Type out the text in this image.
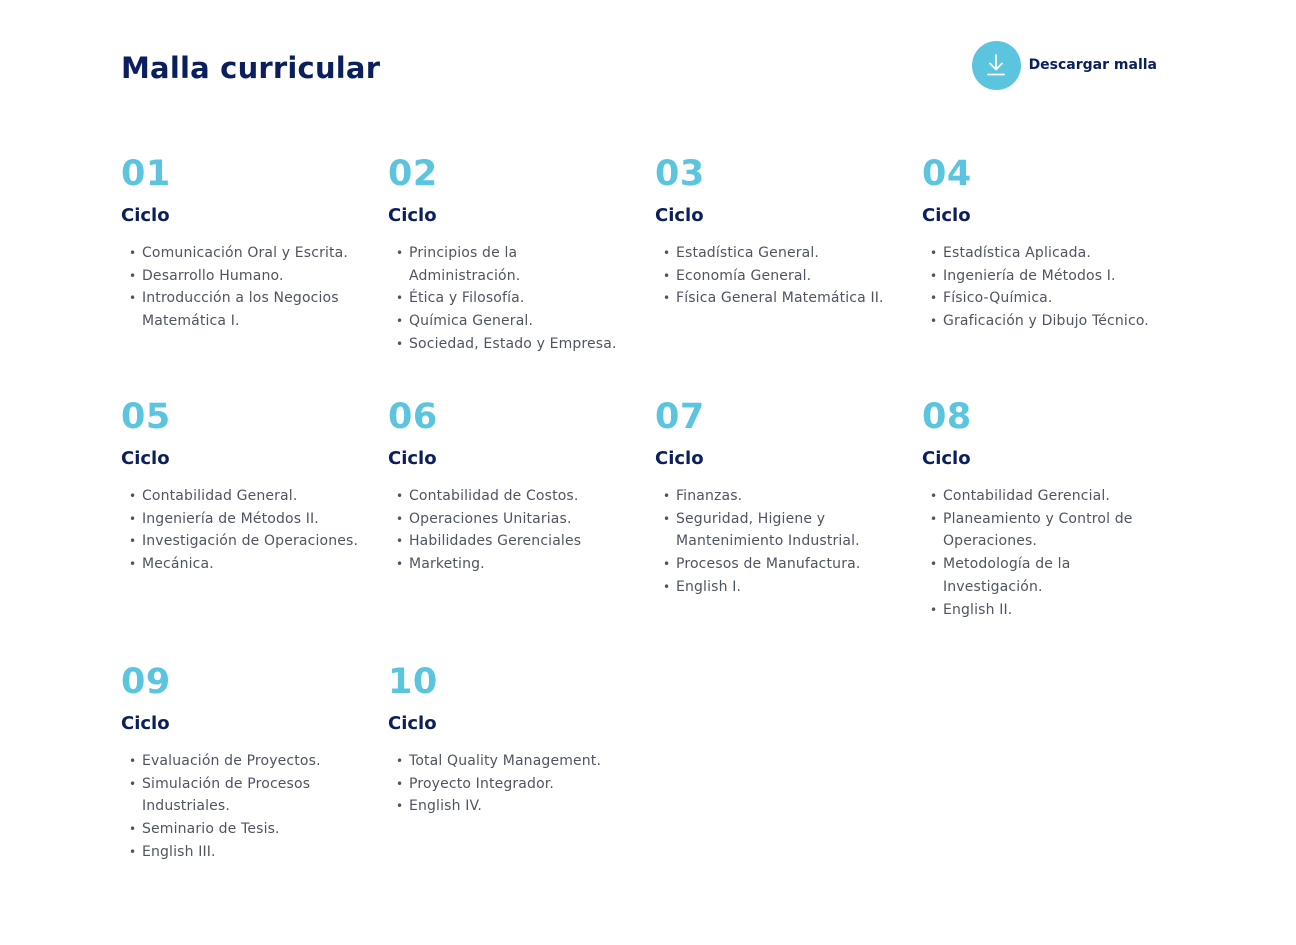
Malla curricular	Descargar malla
01
Ciclo
• Comunicación Oral y Escrita.
• Desarrollo Humano.
• Introducción a los Negocios
Matemática I.
02
Ciclo
• Principios de la
Administración.
• Ética y Filosofía.
• Química General.
• Sociedad, Estado y Empresa.
03
Ciclo
• Estadística General.
• Economía General.
• Física General Matemática II.
04
Ciclo
• Estadística Aplicada.
• Ingeniería de Métodos I.
• Físico-Química.
• Graficación y Dibujo Técnico.
05
Ciclo
• Contabilidad General.
• Ingeniería de Métodos II.
• Investigación de Operaciones.
• Mecánica.
06
Ciclo
• Contabilidad de Costos.
• Operaciones Unitarias.
• Habilidades Gerenciales
• Marketing.
07
Ciclo
• Finanzas.
• Seguridad, Higiene y
Mantenimiento Industrial.
• Procesos de Manufactura.
• English I.
08
Ciclo
• Contabilidad Gerencial.
• Planeamiento y Control de
Operaciones.
• Metodología de la
Investigación.
• English II.
09
Ciclo
• Evaluación de Proyectos.
• Simulación de Procesos
Industriales.
• Seminario de Tesis.
• English III.
10
Ciclo
• Total Quality Management.
• Proyecto Integrador.
• English IV.
